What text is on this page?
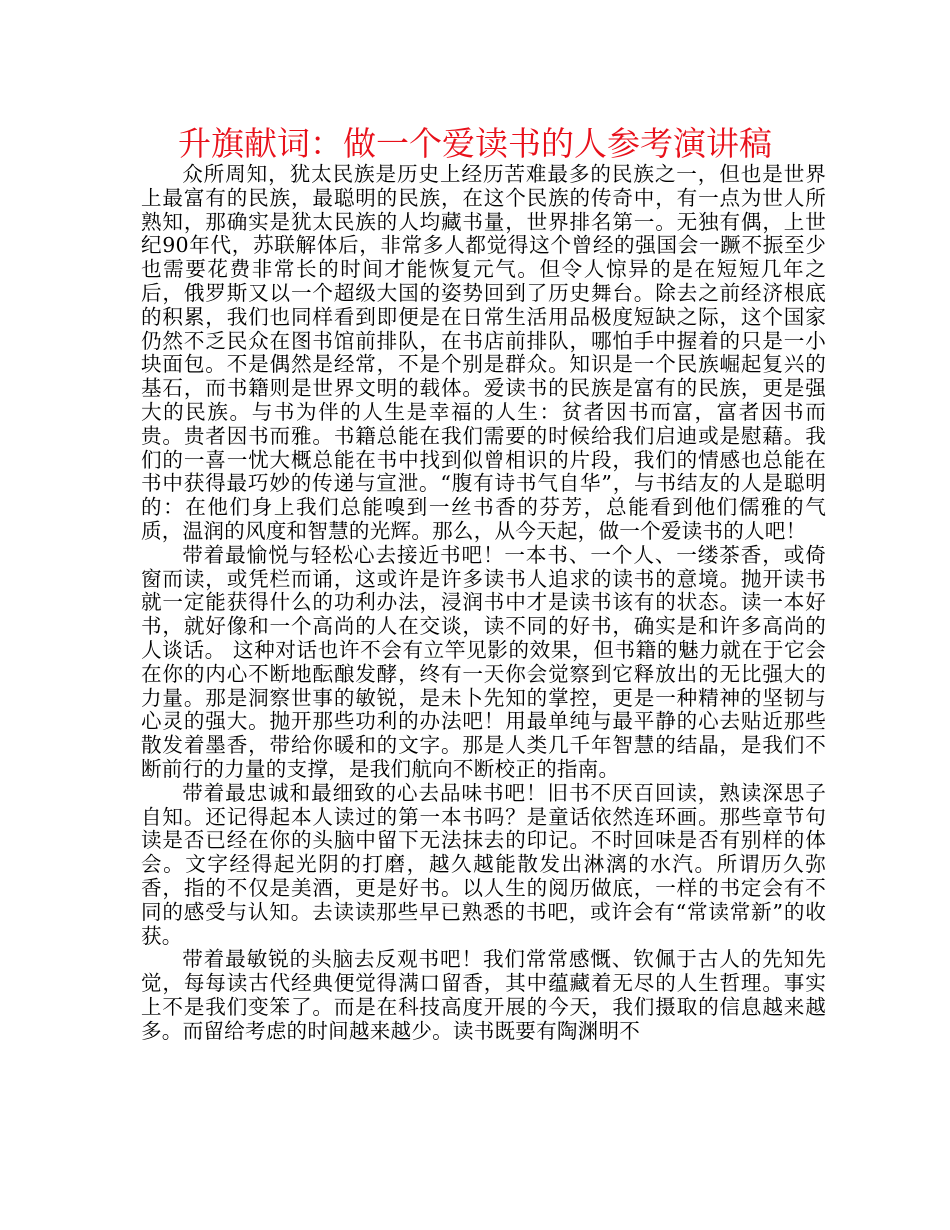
升旗献词：做一个爱读书的人参考演讲稿

众所周知，犹太民族是历史上经历苦难最多的民族之一，但也是世界上最富有的民族，最聪明的民族，在这个民族的传奇中，有一点为世人所熟知，那确实是犹太民族的人均藏书量，世界排名第一。无独有偶，上世纪90年代，苏联解体后，非常多人都觉得这个曾经的强国会一蹶不振至少也需要花费非常长的时间才能恢复元气。但令人惊异的是在短短几年之后，俄罗斯又以一个超级大国的姿势回到了历史舞台。除去之前经济根底的积累，我们也同样看到即便是在日常生活用品极度短缺之际，这个国家仍然不乏民众在图书馆前排队，在书店前排队，哪怕手中握着的只是一小块面包。不是偶然是经常，不是个别是群众。知识是一个民族崛起复兴的基石，而书籍则是世界文明的载体。爱读书的民族是富有的民族，更是强大的民族。与书为伴的人生是幸福的人生：贫者因书而富，富者因书而贵。贵者因书而雅。书籍总能在我们需要的时候给我们启迪或是慰藉。我们的一喜一忧大概总能在书中找到似曾相识的片段，我们的情感也总能在书中获得最巧妙的传递与宣泄。“腹有诗书气自华”，与书结友的人是聪明的：在他们身上我们总能嗅到一丝书香的芬芳，总能看到他们儒雅的气质，温润的风度和智慧的光辉。那么，从今天起，做一个爱读书的人吧！

带着最愉悦与轻松心去接近书吧！一本书、一个人、一缕茶香，或倚窗而读，或凭栏而诵，这或许是许多读书人追求的读书的意境。抛开读书就一定能获得什么的功利办法，浸润书中才是读书该有的状态。读一本好书，就好像和一个高尚的人在交谈，读不同的好书，确实是和许多高尚的人谈话。 这种对话也许不会有立竿见影的效果，但书籍的魅力就在于它会在你的内心不断地酝酿发酵，终有一天你会觉察到它释放出的无比强大的力量。那是洞察世事的敏锐，是未卜先知的掌控，更是一种精神的坚韧与心灵的强大。抛开那些功利的办法吧！用最单纯与最平静的心去贴近那些散发着墨香，带给你暖和的文字。那是人类几千年智慧的结晶，是我们不断前行的力量的支撑，是我们航向不断校正的指南。

带着最忠诚和最细致的心去品味书吧！旧书不厌百回读，熟读深思子自知。还记得起本人读过的第一本书吗？是童话依然连环画。那些章节句读是否已经在你的头脑中留下无法抹去的印记。不时回味是否有别样的体会。文字经得起光阴的打磨，越久越能散发出淋漓的水汽。所谓历久弥香，指的不仅是美酒，更是好书。以人生的阅历做底，一样的书定会有不同的感受与认知。去读读那些早已熟悉的书吧，或许会有“常读常新”的收获。

带着最敏锐的头脑去反观书吧！我们常常感慨、钦佩于古人的先知先觉，每每读古代经典便觉得满口留香，其中蕴藏着无尽的人生哲理。事实上不是我们变笨了。而是在科技高度开展的今天，我们摄取的信息越来越多。而留给考虑的时间越来越少。读书既要有陶渊明不
